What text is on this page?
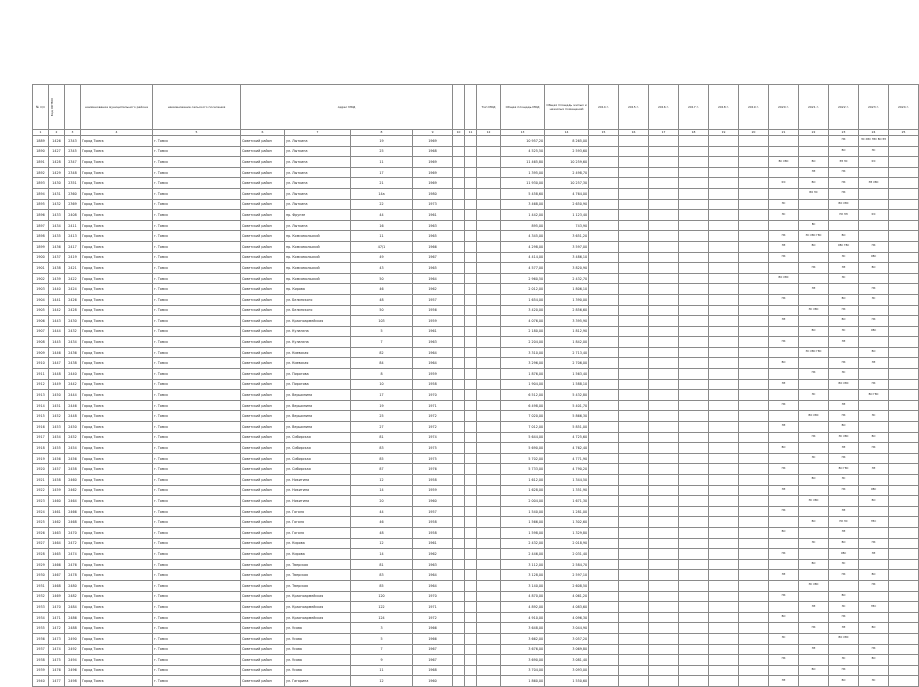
№ п/п	Код ОКТМО		наименование муниципального района	наименование сельского поселения	Адрес МКД						Тип МКД	Общая площадь МКД	Общая площадь жилых и нежилых помещений	2014 г.	2015 г.	2016 г.	2017 г.	2018 г.	2019 г.	2020 г.	2021 г.	2022 г.	2023 г.	2024 г.
1	2	3	4	5	6	7	8	9	10	11	12	13	14	15	16	17	18	19	20	21	22	23	24	25
1889	1426	2343	Город Томск	г. Томск	Советский район	ул. Лыткина	19	1969				10 957,20	8 265,00									ПК	ЭС ХВС ГВС ВО ЭЭ	
1890	1427	2345	Город Томск	г. Томск	Советский район	ул. Лыткина	25	1968				4 525,50	2 593,60									ВО	ЭС	
1891	1428	2347	Город Томск	г. Томск	Советский район	ул. Лыткина	11	1969				11 465,80	10 259,60							ВС ХВС	ВО	ЭЭ ЭС	ФС	
1892	1429	2348	Город Томск	г. Томск	Советский район	ул. Лыткина	17	1969				1 395,00	2 498,70								ЭЭ	ПК		
1893	1430	2351	Город Томск	г. Томск	Советский район	ул. Лыткина	21	1969				11 930,00	10 257,30							ФС	ВО	ПК	ЭЭ ХВС	
1894	1431	2360	Город Томск	г. Томск	Советский район	ул. Лыткина	14а	1980				5 458,60	4 764,00								ВО ЭС	ПК		
1895	1432	2369	Город Томск	г. Томск	Советский район	ул. Лыткина	22	1973				3 468,00	2 650,90							ЭС		ВО ХВС		
1896	1433	2408	Город Томск	г. Томск	Советский район	пр. Фрунзе	44	1961				1 442,00	1 123,40							ЭС		ПК ЭЭ	ФС	
1897	1434	2411	Город Томск	г. Томск	Советский район	ул. Лыткина	16	1963				895,00	743,90								ВС			
1898	1435	2413	Город Томск	г. Томск	Советский район	пр. Комсомольский	11	1965				4 345,00	3 651,20							ПК	ЭС ХВС ГВС	ВО		
1899	1436	2417	Город Томск	г. Томск	Советский район	пр. Комсомольский	47/1	1966				4 298,00	3 597,00							ЭЭ	ВО	ХВС ГВС	ПК	
1900	1437	2419	Город Томск	г. Томск	Советский район	пр. Комсомольский	49	1967				4 414,00	3 486,10							ПК		ЭС	ХВС	
1901	1438	2421	Город Томск	г. Томск	Советский район	пр. Комсомольский	43	1965				4 577,00	3 820,90								ПК	ЭЭ	ВО	
1902	1439	2422	Город Томск	г. Томск	Советский район	пр. Комсомольский	50	1964				2 960,50	2 432,70							ВО ХВС		ЭС		
1903	1440	2424	Город Томск	г. Томск	Советский район	пр. Кирова	46	1962				2 012,00	1 806,10								ЭЭ		ПК	
1904	1441	2426	Город Томск	г. Томск	Советский район	ул. Белинского	48	1957				1 654,00	1 390,00							ПК		ВО	ЭС	
1905	1442	2428	Город Томск	г. Томск	Советский район	ул. Белинского	50	1956				3 420,00	2 856,60								ЭС ХВС	ПК		
1906	1443	2430	Город Томск	г. Томск	Советский район	ул. Красноармейская	103	1959				4 076,00	3 395,90							ЭЭ		ВО	ПК	
1907	1444	2432	Город Томск	г. Томск	Советский район	ул. Кулагина	5	1961				2 180,00	1 812,90								ВО	ЭС	ХВС	
1908	1445	2434	Город Томск	г. Томск	Советский район	ул. Кулагина	7	1963				2 204,00	1 842,00							ПК		ЭЭ		
1909	1446	2436	Город Томск	г. Томск	Советский район	ул. Киевская	82	1964				3 310,00	2 713,40								ЭС ХВС ГВС		ВО	
1910	1447	2438	Город Томск	г. Томск	Советский район	ул. Киевская	84	1964				3 296,00	2 706,00							ВО		ПК	ЭЭ	
1911	1448	2440	Город Томск	г. Томск	Советский район	ул. Пирогова	8	1959				1 876,00	1 563,40								ПК	ЭС		
1912	1449	2442	Город Томск	г. Томск	Советский район	ул. Пирогова	10	1958				1 904,00	1 588,10							ЭЭ		ВО ХВС	ПК	
1913	1450	2444	Город Томск	г. Томск	Советский район	ул. Вершинина	17	1970				6 512,00	5 432,80								ЭС		ВО ГВС	
1914	1451	2446	Город Томск	г. Томск	Советский район	ул. Вершинина	19	1971				6 498,00	5 401,70							ПК		ЭЭ		
1915	1452	2448	Город Томск	г. Томск	Советский район	ул. Вершинина	25	1972				7 020,00	5 866,30								ВО ХВС	ПК	ЭС	
1916	1453	2450	Город Томск	г. Томск	Советский район	ул. Вершинина	27	1972				7 012,00	5 851,00							ЭЭ		ВО		
1917	1454	2452	Город Томск	г. Томск	Советский район	ул. Сибирская	81	1974				5 644,00	4 725,60								ПК	ЭС ХВС	ВО	
1918	1455	2454	Город Томск	г. Томск	Советский район	ул. Сибирская	83	1975				5 690,00	4 762,40							ВО		ЭЭ	ПК	
1919	1456	2456	Город Томск	г. Томск	Советский район	ул. Сибирская	85	1975				5 702,00	4 771,90								ЭС	ПК		
1920	1457	2458	Город Томск	г. Томск	Советский район	ул. Сибирская	87	1976				5 733,00	4 790,20							ПК		ВО ГВС	ЭЭ	
1921	1458	2460	Город Томск	г. Томск	Советский район	ул. Никитина	12	1958				1 612,00	1 344,50								ВО	ЭС		
1922	1459	2462	Город Томск	г. Томск	Советский район	ул. Никитина	14	1959				1 628,00	1 351,90							ЭЭ		ПК	ХВС	
1923	1460	2464	Город Томск	г. Томск	Советский район	ул. Никитина	20	1960				2 004,00	1 671,30								ЭС ХВС		ВО	
1924	1461	2466	Город Томск	г. Томск	Советский район	ул. Гоголя	44	1957				1 540,00	1 281,00							ПК		ЭЭ		
1925	1462	2468	Город Томск	г. Томск	Советский район	ул. Гоголя	46	1958				1 566,00	1 302,60								ВО	ПК ЭС	ГВС	
1926	1463	2470	Город Томск	г. Томск	Советский район	ул. Гоголя	48	1958				1 598,00	1 329,80							ВО		ЭЭ		
1927	1464	2472	Город Томск	г. Томск	Советский район	ул. Кирова	12	1961				2 432,00	2 018,90								ЭС	ВО	ПК	
1928	1465	2474	Город Томск	г. Томск	Советский район	ул. Кирова	14	1962				2 446,00	2 031,40							ПК		ХВС	ЭЭ	
1929	1466	2476	Город Томск	г. Томск	Советский район	ул. Тверская	81	1963				3 112,00	2 584,70								ВО	ЭС		
1930	1467	2478	Город Томск	г. Томск	Советский район	ул. Тверская	83	1964				3 128,00	2 597,10							ЭЭ		ПК	ВО	
1931	1468	2480	Город Томск	г. Томск	Советский район	ул. Тверская	85	1964				3 140,00	2 608,50								ЭС ХВС		ПК	
1932	1469	2482	Город Томск	г. Томск	Советский район	ул. Красноармейская	120	1970				4 870,00	4 061,20							ПК		ВО		
1933	1470	2484	Город Томск	г. Томск	Советский район	ул. Красноармейская	122	1971				4 892,00	4 083,60								ЭЭ	ЭС	ГВС	
1934	1471	2486	Город Томск	г. Томск	Советский район	ул. Красноармейская	124	1972				4 910,00	4 096,30							ВО		ПК		
1935	1472	2488	Город Томск	г. Томск	Советский район	ул. Усова	3	1966				3 648,00	3 044,90								ПК	ЭЭ	ВО	
1936	1473	2490	Город Томск	г. Томск	Советский район	ул. Усова	5	1966				3 662,00	3 057,20							ЭС		ВО ХВС		
1937	1474	2492	Город Томск	г. Томск	Советский район	ул. Усова	7	1967				3 676,00	3 069,80								ЭЭ		ПК	
1938	1475	2494	Город Томск	г. Томск	Советский район	ул. Усова	9	1967				3 690,00	3 081,40							ПК		ЭС	ВО	
1939	1476	2496	Город Томск	г. Томск	Советский район	ул. Усова	11	1968				3 704,00	3 093,00								ВО	ПК		
1940	1477	2498	Город Томск	г. Томск	Советский район	ул. Гагарина	12	1960				1 860,00	1 550,60							ЭЭ		ВО	ЭС	
